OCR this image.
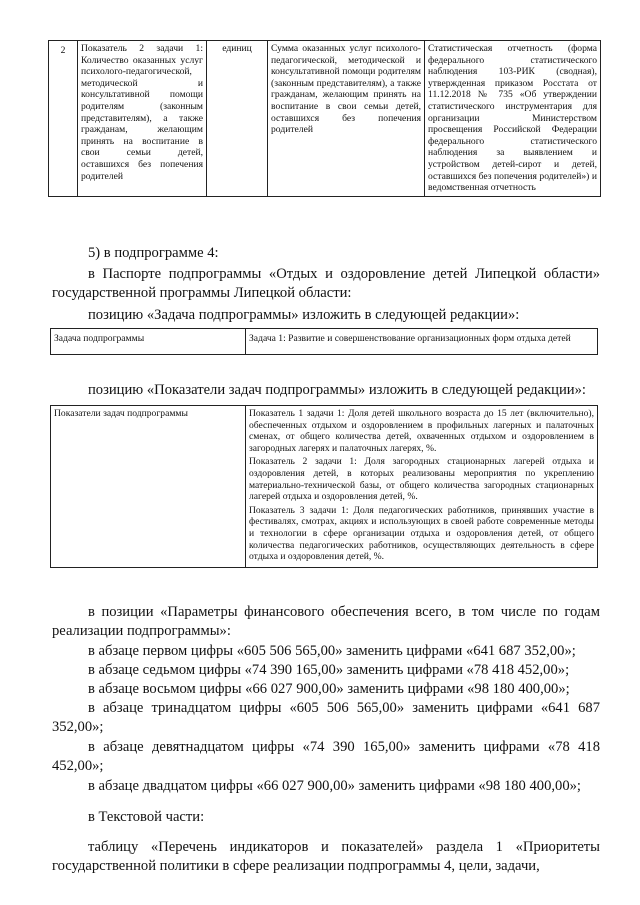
2	Показатель 2 задачи 1: Количество оказанных услуг психолого-педагогической, методической и консультативной помощи родителям (законным представителям), а также гражданам, желающим принять на воспитание в свои семьи детей, оставшихся без попечения родителей	единиц	Сумма оказанных услуг психолого-педагогической, методической и консультативной помощи родителям (законным представителям), а также гражданам, желающим принять на воспитание в свои семьи детей, оставшихся без попечения родителей	Статистическая отчетность (форма федерального статистического наблюдения 103-РИК (сводная), утвержденная приказом Росстата от 11.12.2018 № 735 «Об утверждении статистического инструментария для организации Министерством просвещения Российской Федерации федерального статистического наблюдения за выявлением и устройством детей-сирот и детей, оставшихся без попечения родителей») и ведомственная отчетность
5) в подпрограмме 4:
в Паспорте подпрограммы «Отдых и оздоровление детей Липецкой области» государственной программы Липецкой области:
позицию «Задача подпрограммы» изложить в следующей редакции»:
Задача подпрограммы	Задача 1: Развитие и совершенствование организационных форм отдыха детей
позицию «Показатели задач подпрограммы» изложить в следующей редакции»:
Показатели задач подпрограммы	Показатель 1 задачи 1: Доля детей школьного возраста до 15 лет (включительно), обеспеченных отдыхом и оздоровлением в профильных лагерных и палаточных сменах, от общего количества детей, охваченных отдыхом и оздоровлением в загородных лагерях и палаточных лагерях, %.
Показатель 2 задачи 1: Доля загородных стационарных лагерей отдыха и оздоровления детей, в которых реализованы мероприятия по укреплению материально-технической базы, от общего количества загородных стационарных лагерей отдыха и оздоровления детей, %.
Показатель 3 задачи 1: Доля педагогических работников, принявших участие в фестивалях, смотрах, акциях и использующих в своей работе современные методы и технологии в сфере организации отдыха и оздоровления детей, от общего количества педагогических работников, осуществляющих деятельность в сфере отдыха и оздоровления детей, %.
в позиции «Параметры финансового обеспечения всего, в том числе по годам реализации подпрограммы»:
в абзаце первом цифры «605 506 565,00» заменить цифрами «641 687 352,00»;
в абзаце седьмом цифры «74 390 165,00» заменить цифрами «78 418 452,00»;
в абзаце восьмом цифры «66 027 900,00» заменить цифрами «98 180 400,00»;
в абзаце тринадцатом цифры «605 506 565,00» заменить цифрами «641 687 352,00»;
в абзаце девятнадцатом цифры «74 390 165,00» заменить цифрами «78 418 452,00»;
в абзаце двадцатом цифры «66 027 900,00» заменить цифрами «98 180 400,00»;
в Текстовой части:
таблицу «Перечень индикаторов и показателей» раздела 1 «Приоритеты государственной политики в сфере реализации подпрограммы 4, цели, задачи,
